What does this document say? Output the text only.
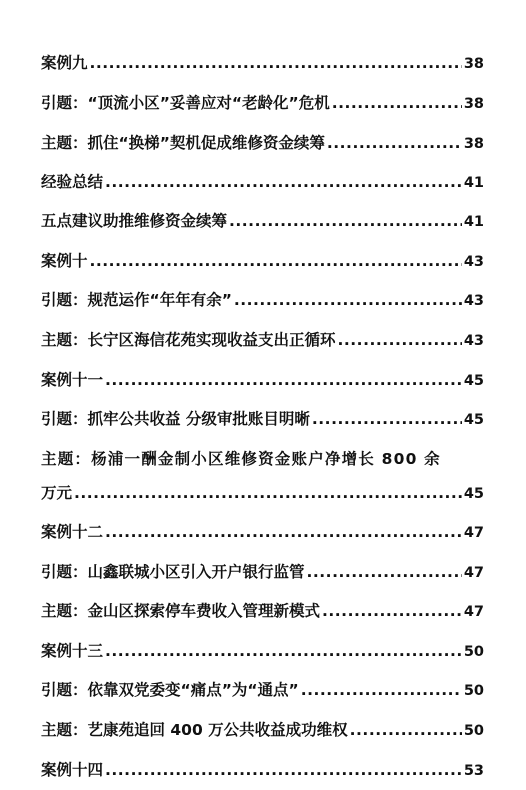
案例九 .....	38
引题：“顶流小区”妥善应对“老龄化”危机 .....	38
主题：抓住“换梯”契机促成维修资金续筹 .....	38
经验总结 .....	41
五点建议助推维修资金续筹 .....	41
案例十 .....	43
引题：规范运作“年年有余” .....	43
主题：长宁区海信花苑实现收益支出正循环 .....	43
案例十一 .....	45
引题：抓牢公共收益 分级审批账目明晰 .....	45
主题：杨浦一酬金制小区维修资金账户净增长 800 余
万元 .....	45
案例十二 .....	47
引题：山鑫联城小区引入开户银行监管 .....	47
主题：金山区探索停车费收入管理新模式 .....	47
案例十三 .....	50
引题：依靠双党委变“痛点”为“通点” .....	50
主题：艺康苑追回 400 万公共收益成功维权 .....	50
案例十四 .....	53
